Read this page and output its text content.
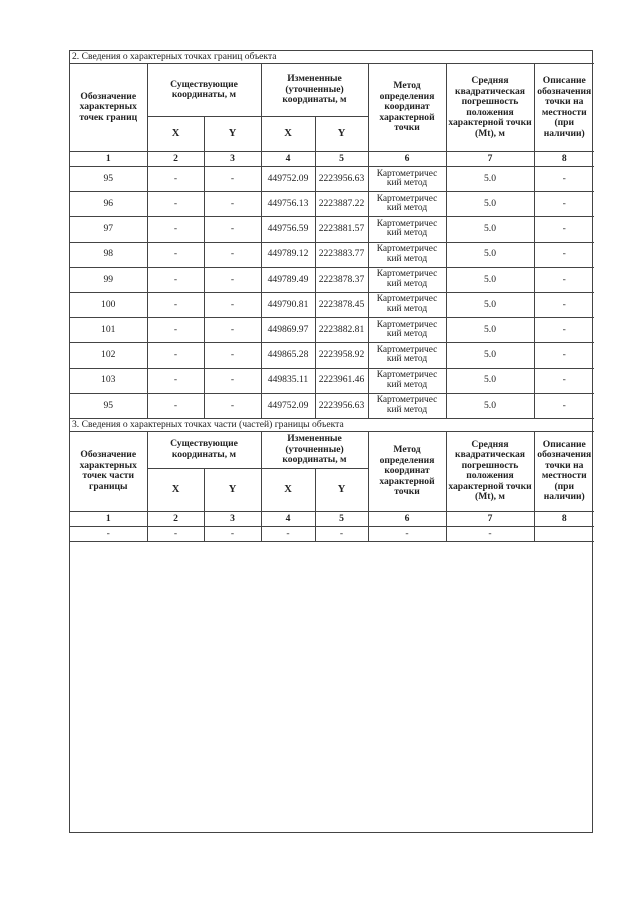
2. Сведения о характерных точках границ объекта							
Обозначение характерных точек границ	Существующие координаты, м		Измененные (уточненные) координаты, м		Метод определения координат характерной точки	Средняя квадратическая погрешность положения характерной точки (Mt), м	Описание обозначения точки на местности (при наличии)
	X	Y	X	Y			
1	2	3	4	5	6	7	8
95	-	-	449752.09	2223956.63	Картометричес кий метод	5.0	-
96	-	-	449756.13	2223887.22	Картометричес кий метод	5.0	-
97	-	-	449756.59	2223881.57	Картометричес кий метод	5.0	-
98	-	-	449789.12	2223883.77	Картометричес кий метод	5.0	-
99	-	-	449789.49	2223878.37	Картометричес кий метод	5.0	-
100	-	-	449790.81	2223878.45	Картометричес кий метод	5.0	-
101	-	-	449869.97	2223882.81	Картометричес кий метод	5.0	-
102	-	-	449865.28	2223958.92	Картометричес кий метод	5.0	-
103	-	-	449835.11	2223961.46	Картометричес кий метод	5.0	-
95	-	-	449752.09	2223956.63	Картометричес кий метод	5.0	-
3. Сведения о характерных точках части (частей) границы объекта							
Обозначение характерных точек части границы	Существующие координаты, м		Измененные (уточненные) координаты, м		Метод определения координат характерной точки	Средняя квадратическая погрешность положения характерной точки (Mt), м	Описание обозначения точки на местности (при наличии)
	X	Y	X	Y			
1	2	3	4	5	6	7	8
-	-	-	-	-	-	-	
